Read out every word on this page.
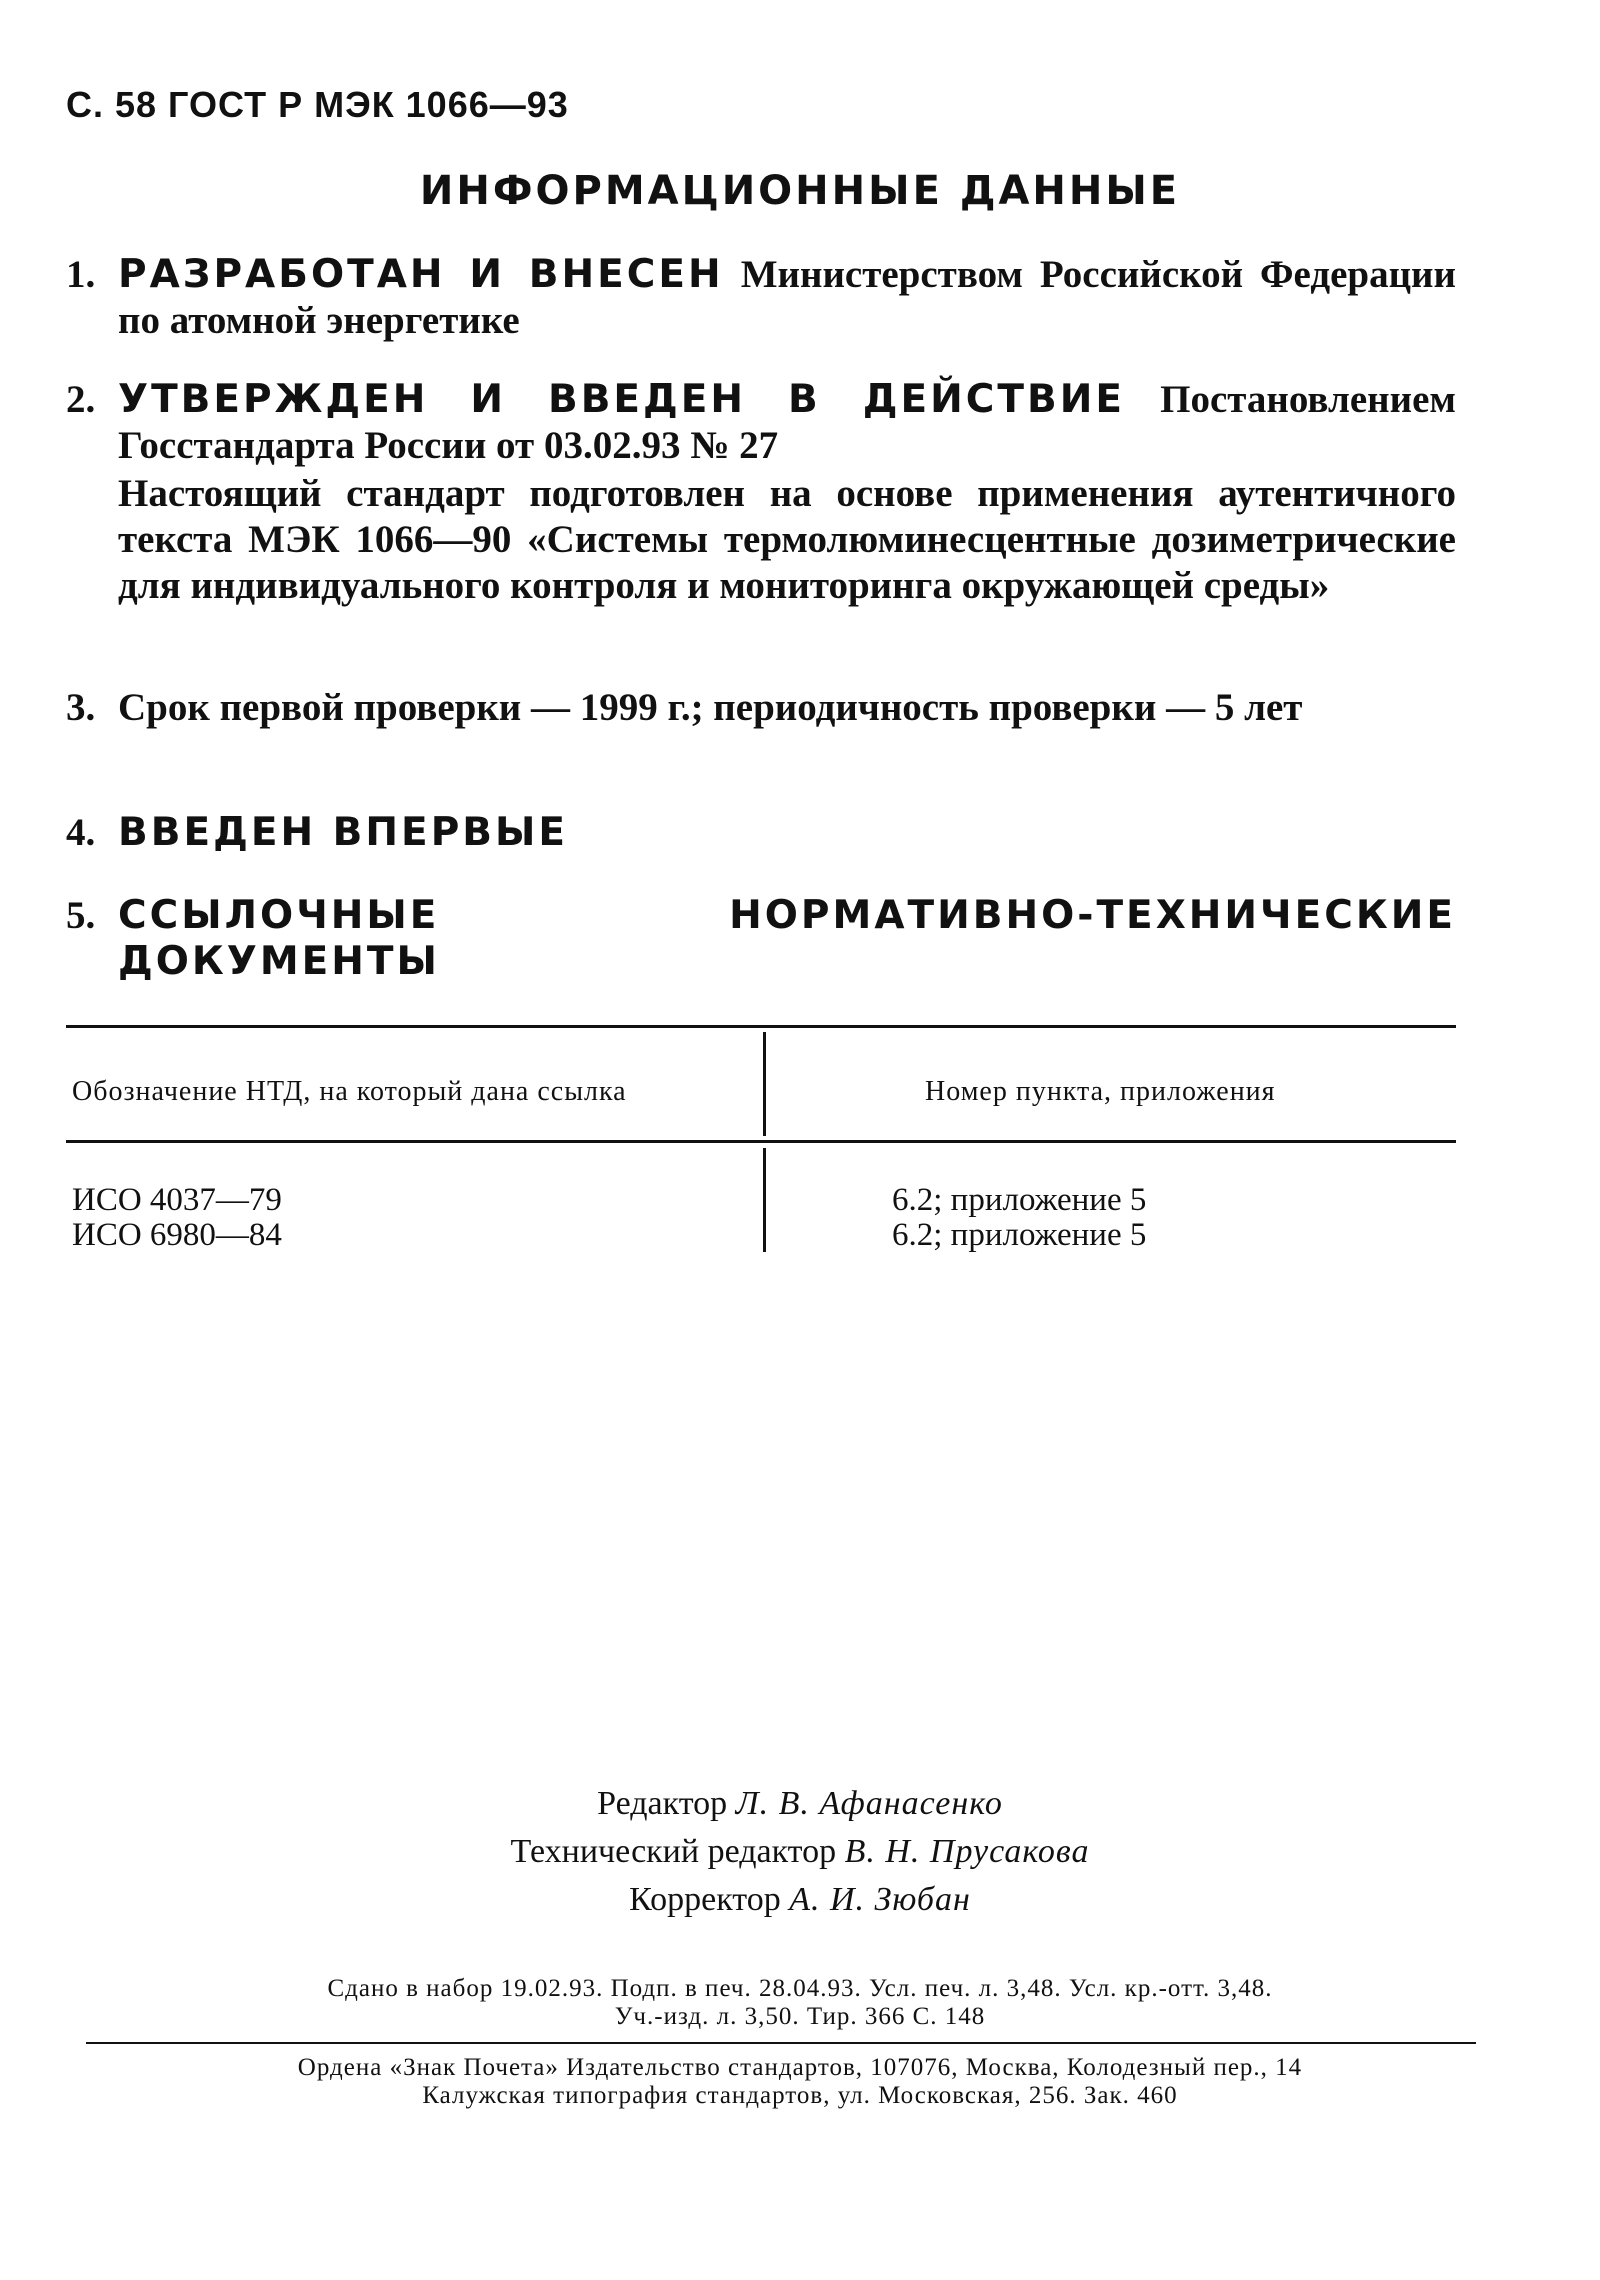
С. 58 ГОСТ Р МЭК 1066—93
ИНФОРМАЦИОННЫЕ ДАННЫЕ
1. РАЗРАБОТАН И ВНЕСЕН Министерством Российской Федерации по атомной энергетике
2. УТВЕРЖДЕН И ВВЕДЕН В ДЕЙСТВИЕ Постановлением Госстандарта России от 03.02.93 № 27
Настоящий стандарт подготовлен на основе применения аутентичного текста МЭК 1066—90 «Системы термолюминесцентные дозиметрические для индивидуального контроля и мониторинга окружающей среды»
3. Срок первой проверки — 1999 г.; периодичность проверки — 5 лет
4. ВВЕДЕН ВПЕРВЫЕ
5. ССЫЛОЧНЫЕ НОРМАТИВНО-ТЕХНИЧЕСКИЕ ДОКУМЕНТЫ
Обозначение НТД, на который дана ссылка	Номер пункта, приложения
ИСО 4037—79	6.2; приложение 5
ИСО 6980—84	6.2; приложение 5
Редактор Л. В. Афанасенко
Технический редактор В. Н. Прусакова
Корректор А. И. Зюбан
Сдано в набор 19.02.93. Подп. в печ. 28.04.93. Усл. печ. л. 3,48. Усл. кр.-отт. 3,48.
Уч.-изд. л. 3,50. Тир. 366 С. 148
Ордена «Знак Почета» Издательство стандартов, 107076, Москва, Колодезный пер., 14
Калужская типография стандартов, ул. Московская, 256. Зак. 460
